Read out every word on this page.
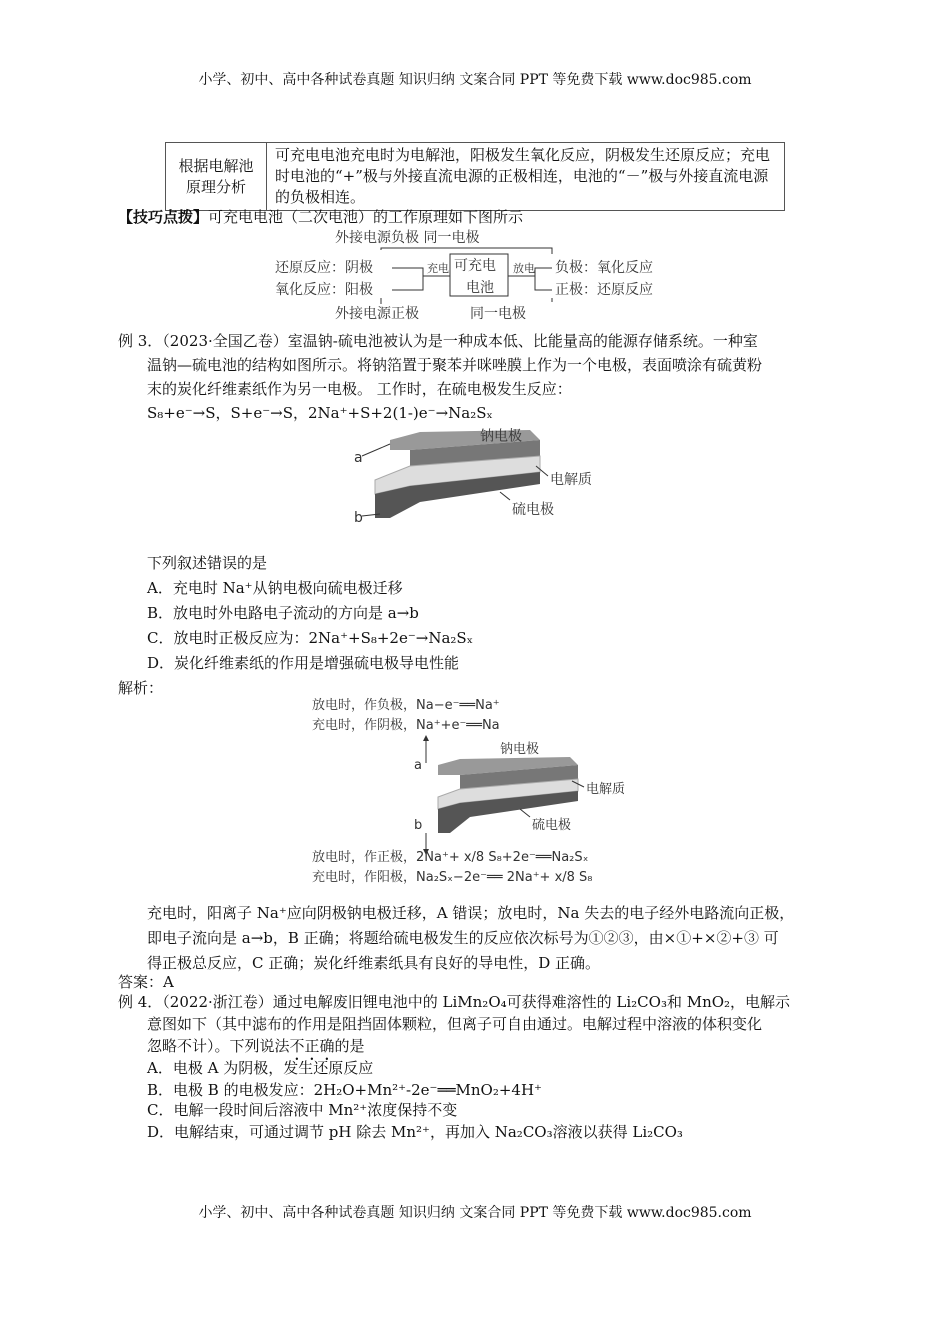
小学、初中、高中各种试卷真题 知识归纳 文案合同 PPT 等免费下载 www.doc985.com
根据电解池原理分析	可充电电池充电时为电解池，阳极发生氧化反应，阴极发生还原反应；充电时电池的“+”极与外接直流电源的正极相连，电池的“－”极与外接直流电源的负极相连。
【技巧点拨】可充电电池（二次电池）的工作原理如下图所示
外接电源负极 同一电极
还原反应：阴极
氧化反应：阳极
充电 可充电
电池
放电 负极：氧化反应
正极：还原反应
外接电源正极	同一电极
例 3．（2023·全国乙卷）室温钠-硫电池被认为是一种成本低、比能量高的能源存储系统。一种室
温钠—硫电池的结构如图所示。将钠箔置于聚苯并咪唑膜上作为一个电极，表面喷涂有硫黄粉
末的炭化纤维素纸作为另一电极。 工作时，在硫电极发生反应：
S₈+e⁻→S，S+e⁻→S，2Na⁺+S+2(1-)e⁻→Na₂Sₓ
a
b
钠电极
电解质
硫电极
下列叙述错误的是
A．充电时 Na⁺从钠电极向硫电极迁移
B．放电时外电路电子流动的方向是 a→b
C．放电时正极反应为：2Na⁺+S₈+2e⁻→Na₂Sₓ
D．炭化纤维素纸的作用是增强硫电极导电性能
解析：
放电时，作负极，Na−e⁻══Na⁺
充电时，作阴极，Na⁺+e⁻══Na
放电时，作正极，2Na⁺+ x/8 S₈+2e⁻══Na₂Sₓ
充电时，作阳极，Na₂Sₓ−2e⁻══ 2Na⁺+ x/8 S₈
钠电极
电解质
硫电极
a
b
充电时，阳离子 Na⁺应向阴极钠电极迁移，A 错误；放电时，Na 失去的电子经外电路流向正极，
即电子流向是 a→b，B 正确；将题给硫电极发生的反应依次标号为①②③，由×①+×②+③ 可
得正极总反应，C 正确；炭化纤维素纸具有良好的导电性，D 正确。
答案：A
例 4．（2022·浙江卷）通过电解废旧锂电池中的 LiMn₂O₄可获得难溶性的 Li₂CO₃和 MnO₂，电解示
意图如下（其中滤布的作用是阻挡固体颗粒，但离子可自由通过。电解过程中溶液的体积变化
忽略不计）。下列说法不正确的是
A．电极 A 为阴极，发生还原反应
B．电极 B 的电极发应：2H₂O+Mn²⁺-2e⁻══MnO₂+4H⁺
C．电解一段时间后溶液中 Mn²⁺浓度保持不变
D．电解结束，可通过调节 pH 除去 Mn²⁺，再加入 Na₂CO₃溶液以获得 Li₂CO₃
小学、初中、高中各种试卷真题 知识归纳 文案合同 PPT 等免费下载 www.doc985.com
